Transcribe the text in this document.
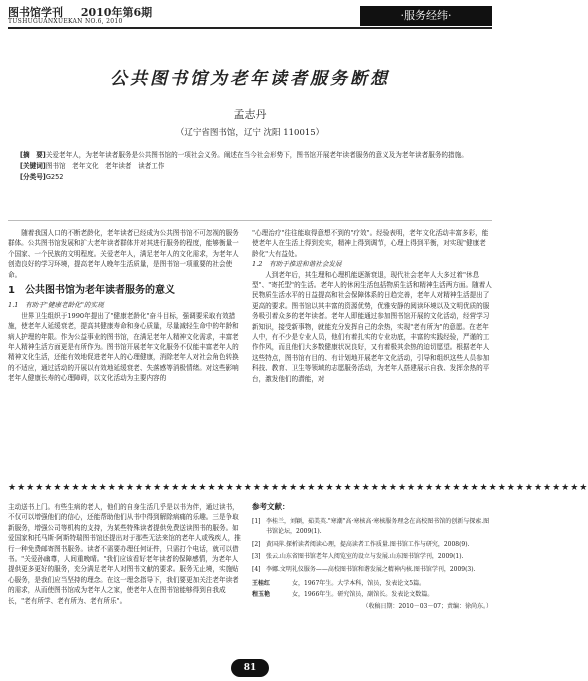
图书馆学刊 2010年第6期
TUSHUGUANXUEKAN NO.6, 2010	·服务经纬·
公共图书馆为老年读者服务断想
孟志丹
（辽宁省图书馆，辽宁 沈阳 110015）
[摘　要]关爱老年人，为老年读者服务是公共图书馆的一项社会义务。阐述在当今社会形势下，图书馆开展老年读者服务的意义及为老年读者服务的措施。
[关键词]图书馆　老年文化　老年读者　读者工作
[分类号]G252

随着我国人口的不断老龄化，老年读者已经成为公共图书馆不可忽视的服务群体。公共图书馆发展和扩大老年读者群体并对其进行服务的程度，能够衡量一个国家、一个民族的文明程度。关爱老年人，满足老年人的文化需求，为老年人创造良好的学习环境，提高老年人晚年生活质量，是图书馆一项重要的社会使命。

1　公共图书馆为老年读者服务的意义

1.1　有助于"健康老龄化"的实现

世界卫生组织于1990年提出了"健康老龄化"奋斗目标，强调要采取有效措施，使老年人延缓衰老，提高其健康寿命和身心质量，尽量减轻生命中的年龄和病人护理的年限。作为公益事业的图书馆，在满足老年人精神文化需求，丰富老年人精神生活方面更是有所作为。图书馆开展老年文化服务不仅能丰富老年人的精神文化生活，还能有效地促进老年人的心理健康，消除老年人对社会角色转换的不适应，通过活动的开展以有效地延缓衰老、失落感等消极情绪。对这些影响老年人健康长寿的心理障碍，以文化活动为主要内容的

"心理治疗"往往能取得意想不到的"疗效"。经验表明，老年文化活动丰富多彩，能使老年人在生活上得到充实，精神上得到调节，心理上得到平衡，对实现"健康老龄化"大有益处。

1.2　有助于推进和谐社会发展

人到老年后，其生理和心理机能逐渐衰退，现代社会老年人大多过着"休息型"、"寄托型"的生活。老年人的休闲生活包括物质生活和精神生活两方面。随着人民物质生活水平的日益提高和社会保障体系的日趋完善，老年人对精神生活提出了更高的要求。图书馆以其丰富的资源优势，优雅安静的阅读环境以及文明优质的服务吸引着众多的老年读者。老年人即能通过参加图书馆开展的文化活动，经营学习新知识，接受新事物，就能充分发挥自己的余热，实现"老有所为"的意愿。在老年人中，有不少是专业人员，他们有着扎实的专业功底，丰富的实践经验，严谨的工作作风，而且他们大多数健康状况良好，又有着极其余热的迫切愿望。根据老年人这些特点，图书馆有目的、有计划地开展老年文化活动，引导和组织这些人员参加科技、教育、卫生等领域的志愿服务活动，为老年人搭建展示自我、发挥余热的平台，激发他们的潜能，对

★★★★★★★★★★★★★★★★★★★★★★★★★★★★★★★★★★★★★★★★★★★★★★★★★★★★★★★★★★★★★★★★

主动送书上门。有些生病的老人，他们的自身生活几乎是以书为伴，通过读书，不仅可以增强他们的信心，还能帮助他们从书中得到解除病痛的乐趣。三是争取新服务，增强公司等机构的支持，为某些特殊读者提供免费送读图书的服务。如爱国家和托马斯·阿斯特瑞图书馆还提出对于那些无法来馆的老年人或残疾人，推行一种免费邮寄图书服务。读者不需要办理任何证件，只需打个电话，就可以借书。"关爱孙幽尊，人间重晚晴。"我们应该看好老年读者的保障感情，为老年人提供更多更好的服务，充分满足老年人对图书文献的要求。服务无止境，实施贴心服务，是我们应当坚持的理念。在这一理念指导下，我们要更加关注老年读者的需求，从而使图书馆成为老年人之家，使老年人在图书馆能够得到自我成长，"老有所学、老有所为、老有所乐"。

参考文献：
[1] 李桂兰，刘颖，茹美英."寒潮"高·寒核高·寒核服务理念在高校图书馆的创新与探索.图书馆论坛，2009(1).
[2] 黄国萍.探析读者阅读心理，提高读者工作质量.图书馆工作与研究，2008(9).
[3] 张云.山东省图书馆老年人阅览室的设立与发展.山东图书馆学刊，2009(1).
[4] 李娜.文明礼仪服务——高校图书馆和谐发展之精神内核.图书馆学刊，2009(3).
王桂红	女，1967年生。大学本科，馆员，发表论文5篇。
程玉艳	女，1966年生。研究馆员，副馆长。发表论文数篇。
（收稿日期：2010－03－07；责编：徐尚东。）
81
